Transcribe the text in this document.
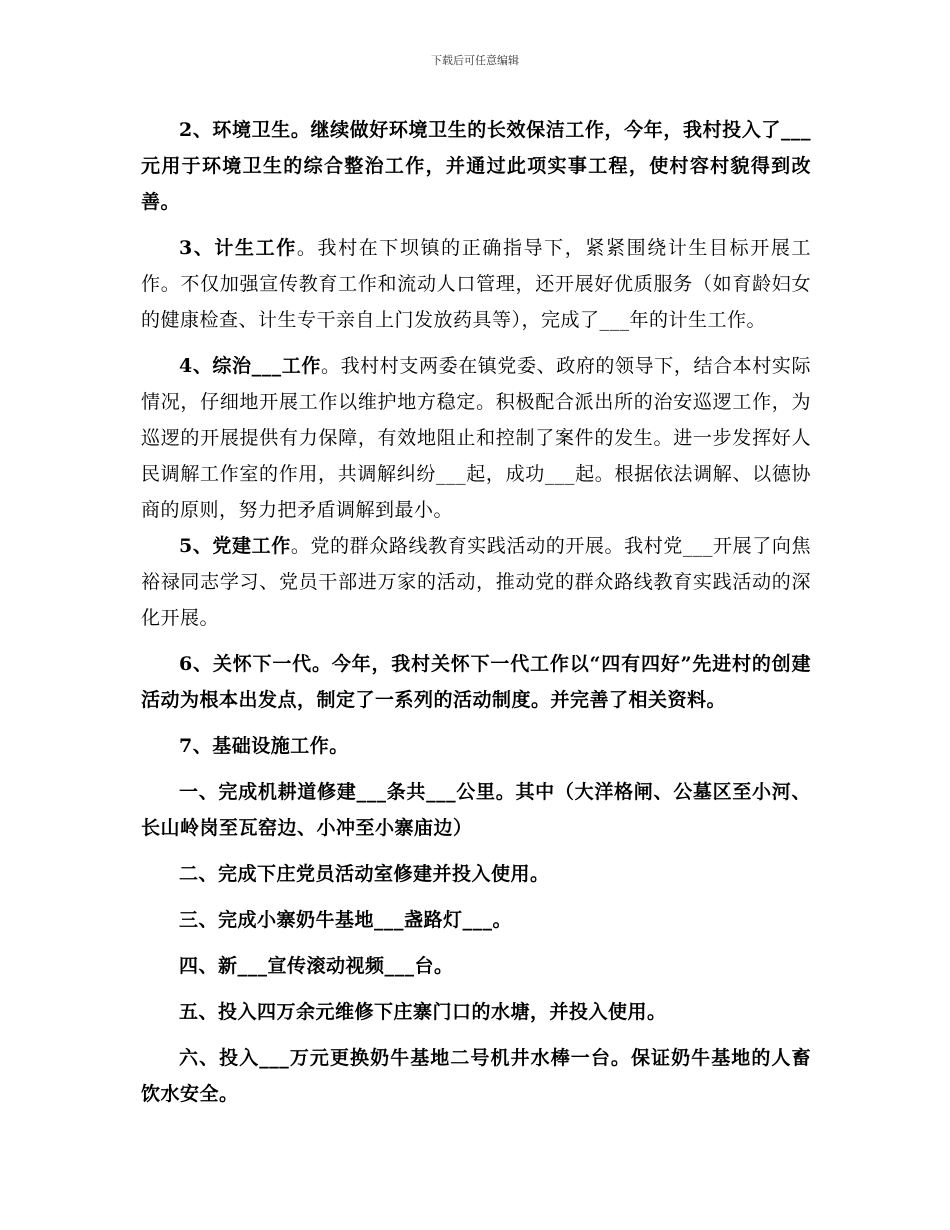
下载后可任意编辑

2、环境卫生。继续做好环境卫生的长效保洁工作，今年，我村投入了___元用于环境卫生的综合整治工作，并通过此项实事工程，使村容村貌得到改善。

3、计生工作。我村在下坝镇的正确指导下，紧紧围绕计生目标开展工作。不仅加强宣传教育工作和流动人口管理，还开展好优质服务（如育龄妇女的健康检查、计生专干亲自上门发放药具等），完成了___年的计生工作。

4、综治___工作。我村村支两委在镇党委、政府的领导下，结合本村实际情况，仔细地开展工作以维护地方稳定。积极配合派出所的治安巡逻工作，为巡逻的开展提供有力保障，有效地阻止和控制了案件的发生。进一步发挥好人民调解工作室的作用，共调解纠纷___起，成功___起。根据依法调解、以德协商的原则，努力把矛盾调解到最小。

5、党建工作。党的群众路线教育实践活动的开展。我村党___开展了向焦裕禄同志学习、党员干部进万家的活动，推动党的群众路线教育实践活动的深化开展。

6、关怀下一代。今年，我村关怀下一代工作以“四有四好”先进村的创建活动为根本出发点，制定了一系列的活动制度。并完善了相关资料。

7、基础设施工作。

一、完成机耕道修建___条共___公里。其中（大洋格闸、公墓区至小河、长山岭岗至瓦窑边、小冲至小寨庙边）

二、完成下庄党员活动室修建并投入使用。

三、完成小寨奶牛基地___盏路灯___。

四、新___宣传滚动视频___台。

五、投入四万余元维修下庄寨门口的水塘，并投入使用。

六、投入___万元更换奶牛基地二号机井水棒一台。保证奶牛基地的人畜饮水安全。
